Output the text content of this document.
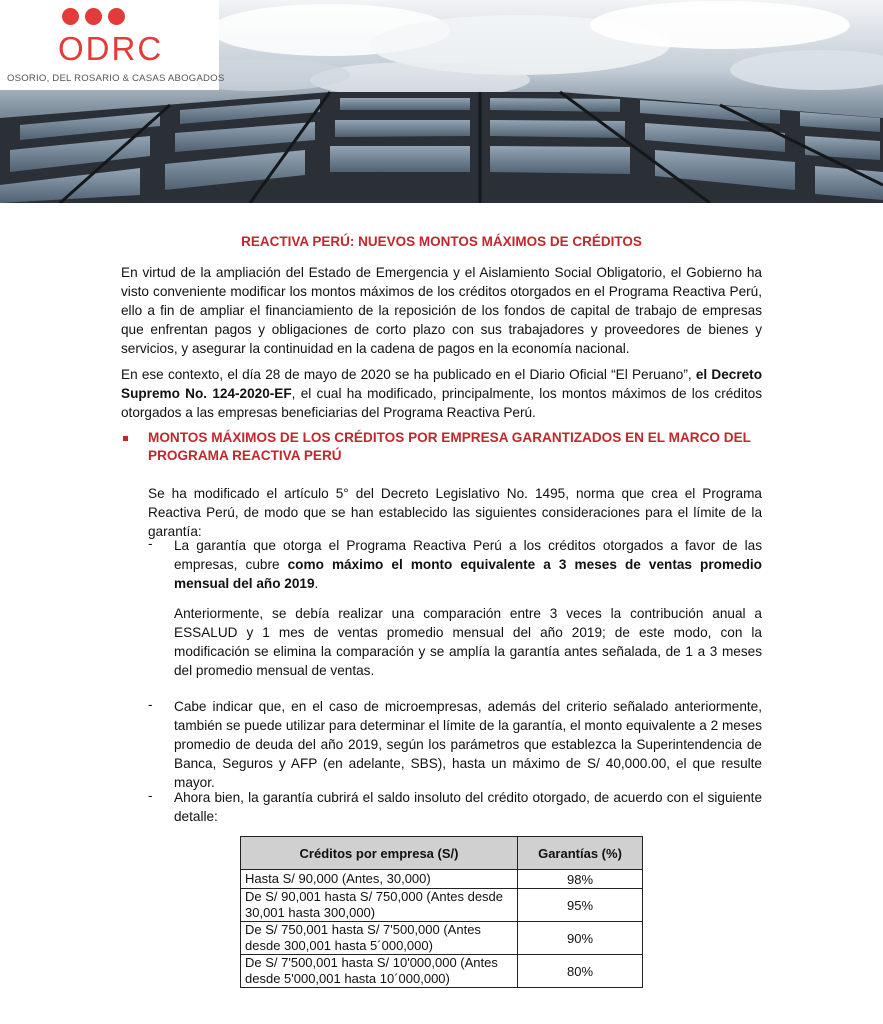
ODRC
OSORIO, DEL ROSARIO & CASAS ABOGADOS
REACTIVA PERÚ: NUEVOS MONTOS MÁXIMOS DE CRÉDITOS

En virtud de la ampliación del Estado de Emergencia y el Aislamiento Social Obligatorio, el Gobierno ha visto conveniente modificar los montos máximos de los créditos otorgados en el Programa Reactiva Perú, ello a fin de ampliar el financiamiento de la reposición de los fondos de capital de trabajo de empresas que enfrentan pagos y obligaciones de corto plazo con sus trabajadores y proveedores de bienes y servicios, y asegurar la continuidad en la cadena de pagos en la economía nacional.

En ese contexto, el día 28 de mayo de 2020 se ha publicado en el Diario Oficial “El Peruano”, el Decreto Supremo No. 124-2020-EF, el cual ha modificado, principalmente, los montos máximos de los créditos otorgados a las empresas beneficiarias del Programa Reactiva Perú.

MONTOS MÁXIMOS DE LOS CRÉDITOS POR EMPRESA GARANTIZADOS EN EL MARCO DEL PROGRAMA REACTIVA PERÚ

Se ha modificado el artículo 5° del Decreto Legislativo No. 1495, norma que crea el Programa Reactiva Perú, de modo que se han establecido las siguientes consideraciones para el límite de la garantía:

- La garantía que otorga el Programa Reactiva Perú a los créditos otorgados a favor de las empresas, cubre como máximo el monto equivalente a 3 meses de ventas promedio mensual del año 2019.

Anteriormente, se debía realizar una comparación entre 3 veces la contribución anual a ESSALUD y 1 mes de ventas promedio mensual del año 2019; de este modo, con la modificación se elimina la comparación y se amplía la garantía antes señalada, de 1 a 3 meses del promedio mensual de ventas.

- Cabe indicar que, en el caso de microempresas, además del criterio señalado anteriormente, también se puede utilizar para determinar el límite de la garantía, el monto equivalente a 2 meses promedio de deuda del año 2019, según los parámetros que establezca la Superintendencia de Banca, Seguros y AFP (en adelante, SBS), hasta un máximo de S/ 40,000.00, el que resulte mayor.

- Ahora bien, la garantía cubrirá el saldo insoluto del crédito otorgado, de acuerdo con el siguiente detalle:

Créditos por empresa (S/)	Garantías (%)
Hasta S/ 90,000 (Antes, 30,000)	98%
De S/ 90,001 hasta S/ 750,000 (Antes desde 30,001 hasta 300,000)	95%
De S/ 750,001 hasta S/ 7'500,000 (Antes desde 300,001 hasta 5´000,000)	90%
De S/ 7'500,001 hasta S/ 10'000,000 (Antes desde 5'000,001 hasta 10´000,000)	80%
